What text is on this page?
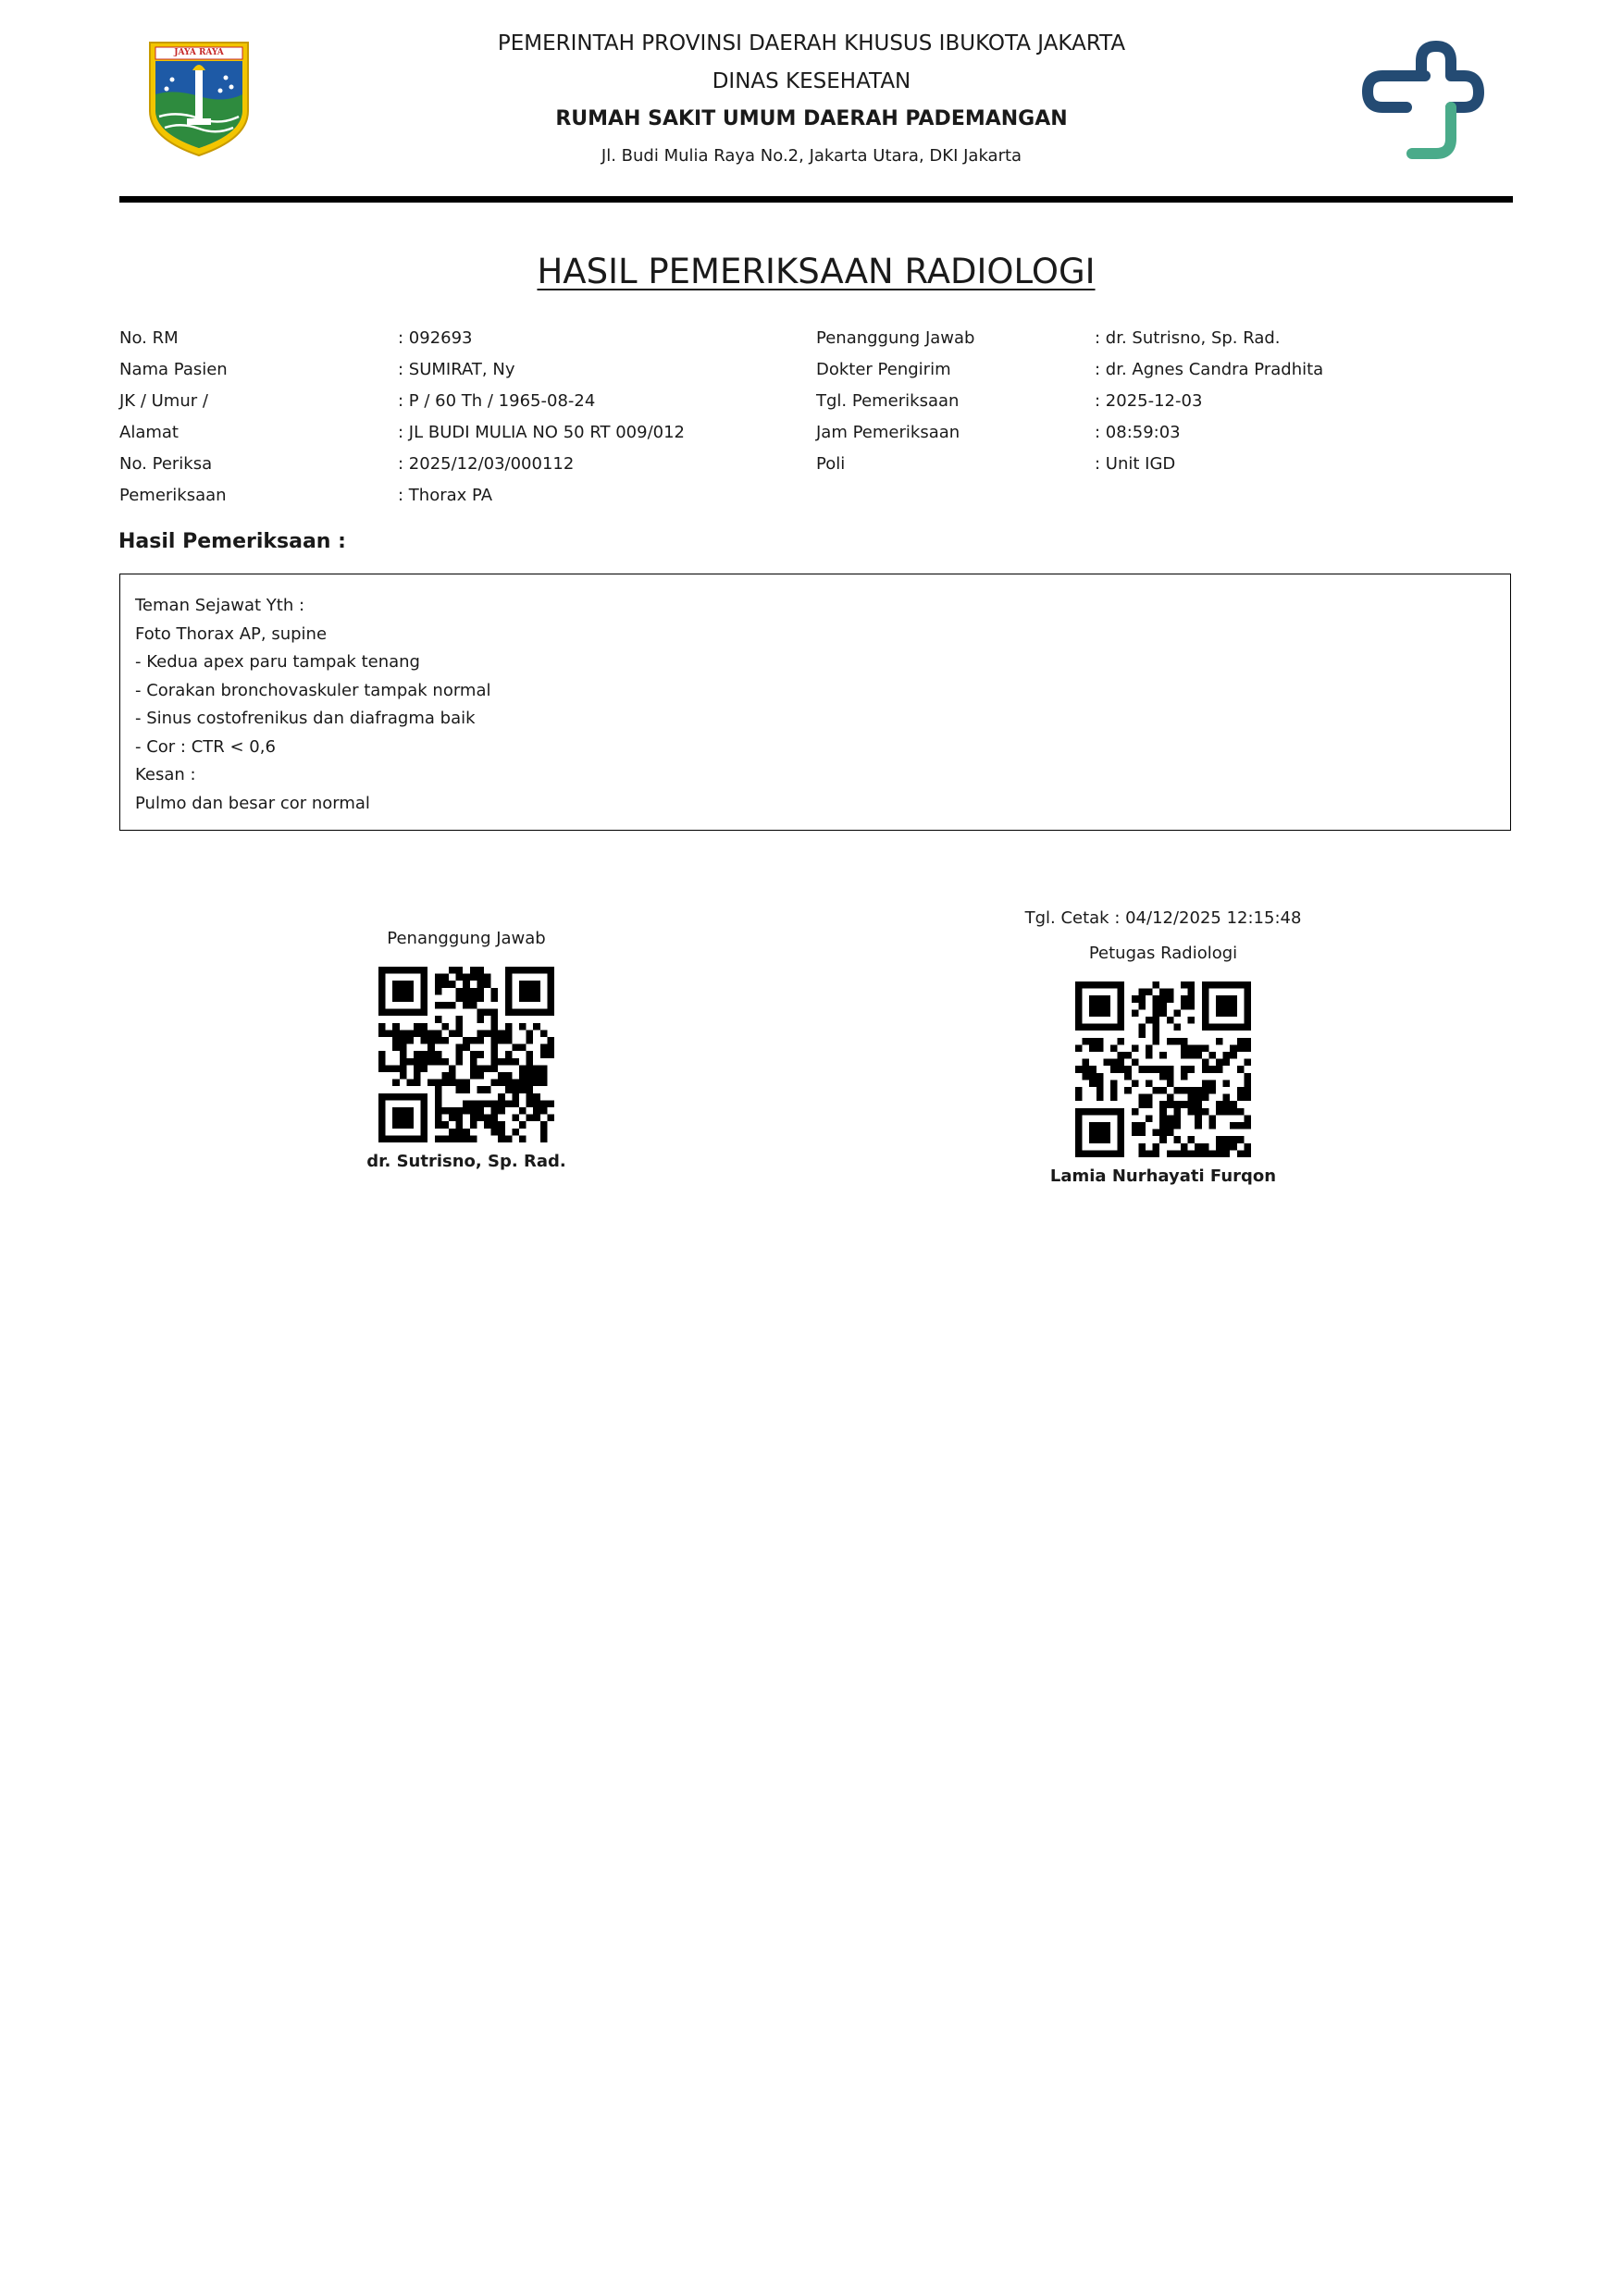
JAYA RAYA	PEMERINTAH PROVINSI DAERAH KHUSUS IBUKOTA JAKARTA
DINAS KESEHATAN
RUMAH SAKIT UMUM DAERAH PADEMANGAN
Jl. Budi Mulia Raya No.2, Jakarta Utara, DKI Jakarta
HASIL PEMERIKSAAN RADIOLOGI
No. RM	: 092693
Nama Pasien	: SUMIRAT, Ny
JK / Umur /	: P / 60 Th / 1965-08-24
Alamat	: JL BUDI MULIA NO 50 RT 009/012
No. Periksa	: 2025/12/03/000112
Pemeriksaan	: Thorax PA
Penanggung Jawab	: dr. Sutrisno, Sp. Rad.
Dokter Pengirim	: dr. Agnes Candra Pradhita
Tgl. Pemeriksaan	: 2025-12-03
Jam Pemeriksaan	: 08:59:03
Poli	: Unit IGD
Hasil Pemeriksaan :
Teman Sejawat Yth :
Foto Thorax AP, supine
- Kedua apex paru tampak tenang
- Corakan bronchovaskuler tampak normal
- Sinus costofrenikus dan diafragma baik
- Cor : CTR < 0,6
Kesan :
Pulmo dan besar cor normal
Penanggung Jawab
dr. Sutrisno, Sp. Rad.
Tgl. Cetak : 04/12/2025 12:15:48
Petugas Radiologi
Lamia Nurhayati Furqon
